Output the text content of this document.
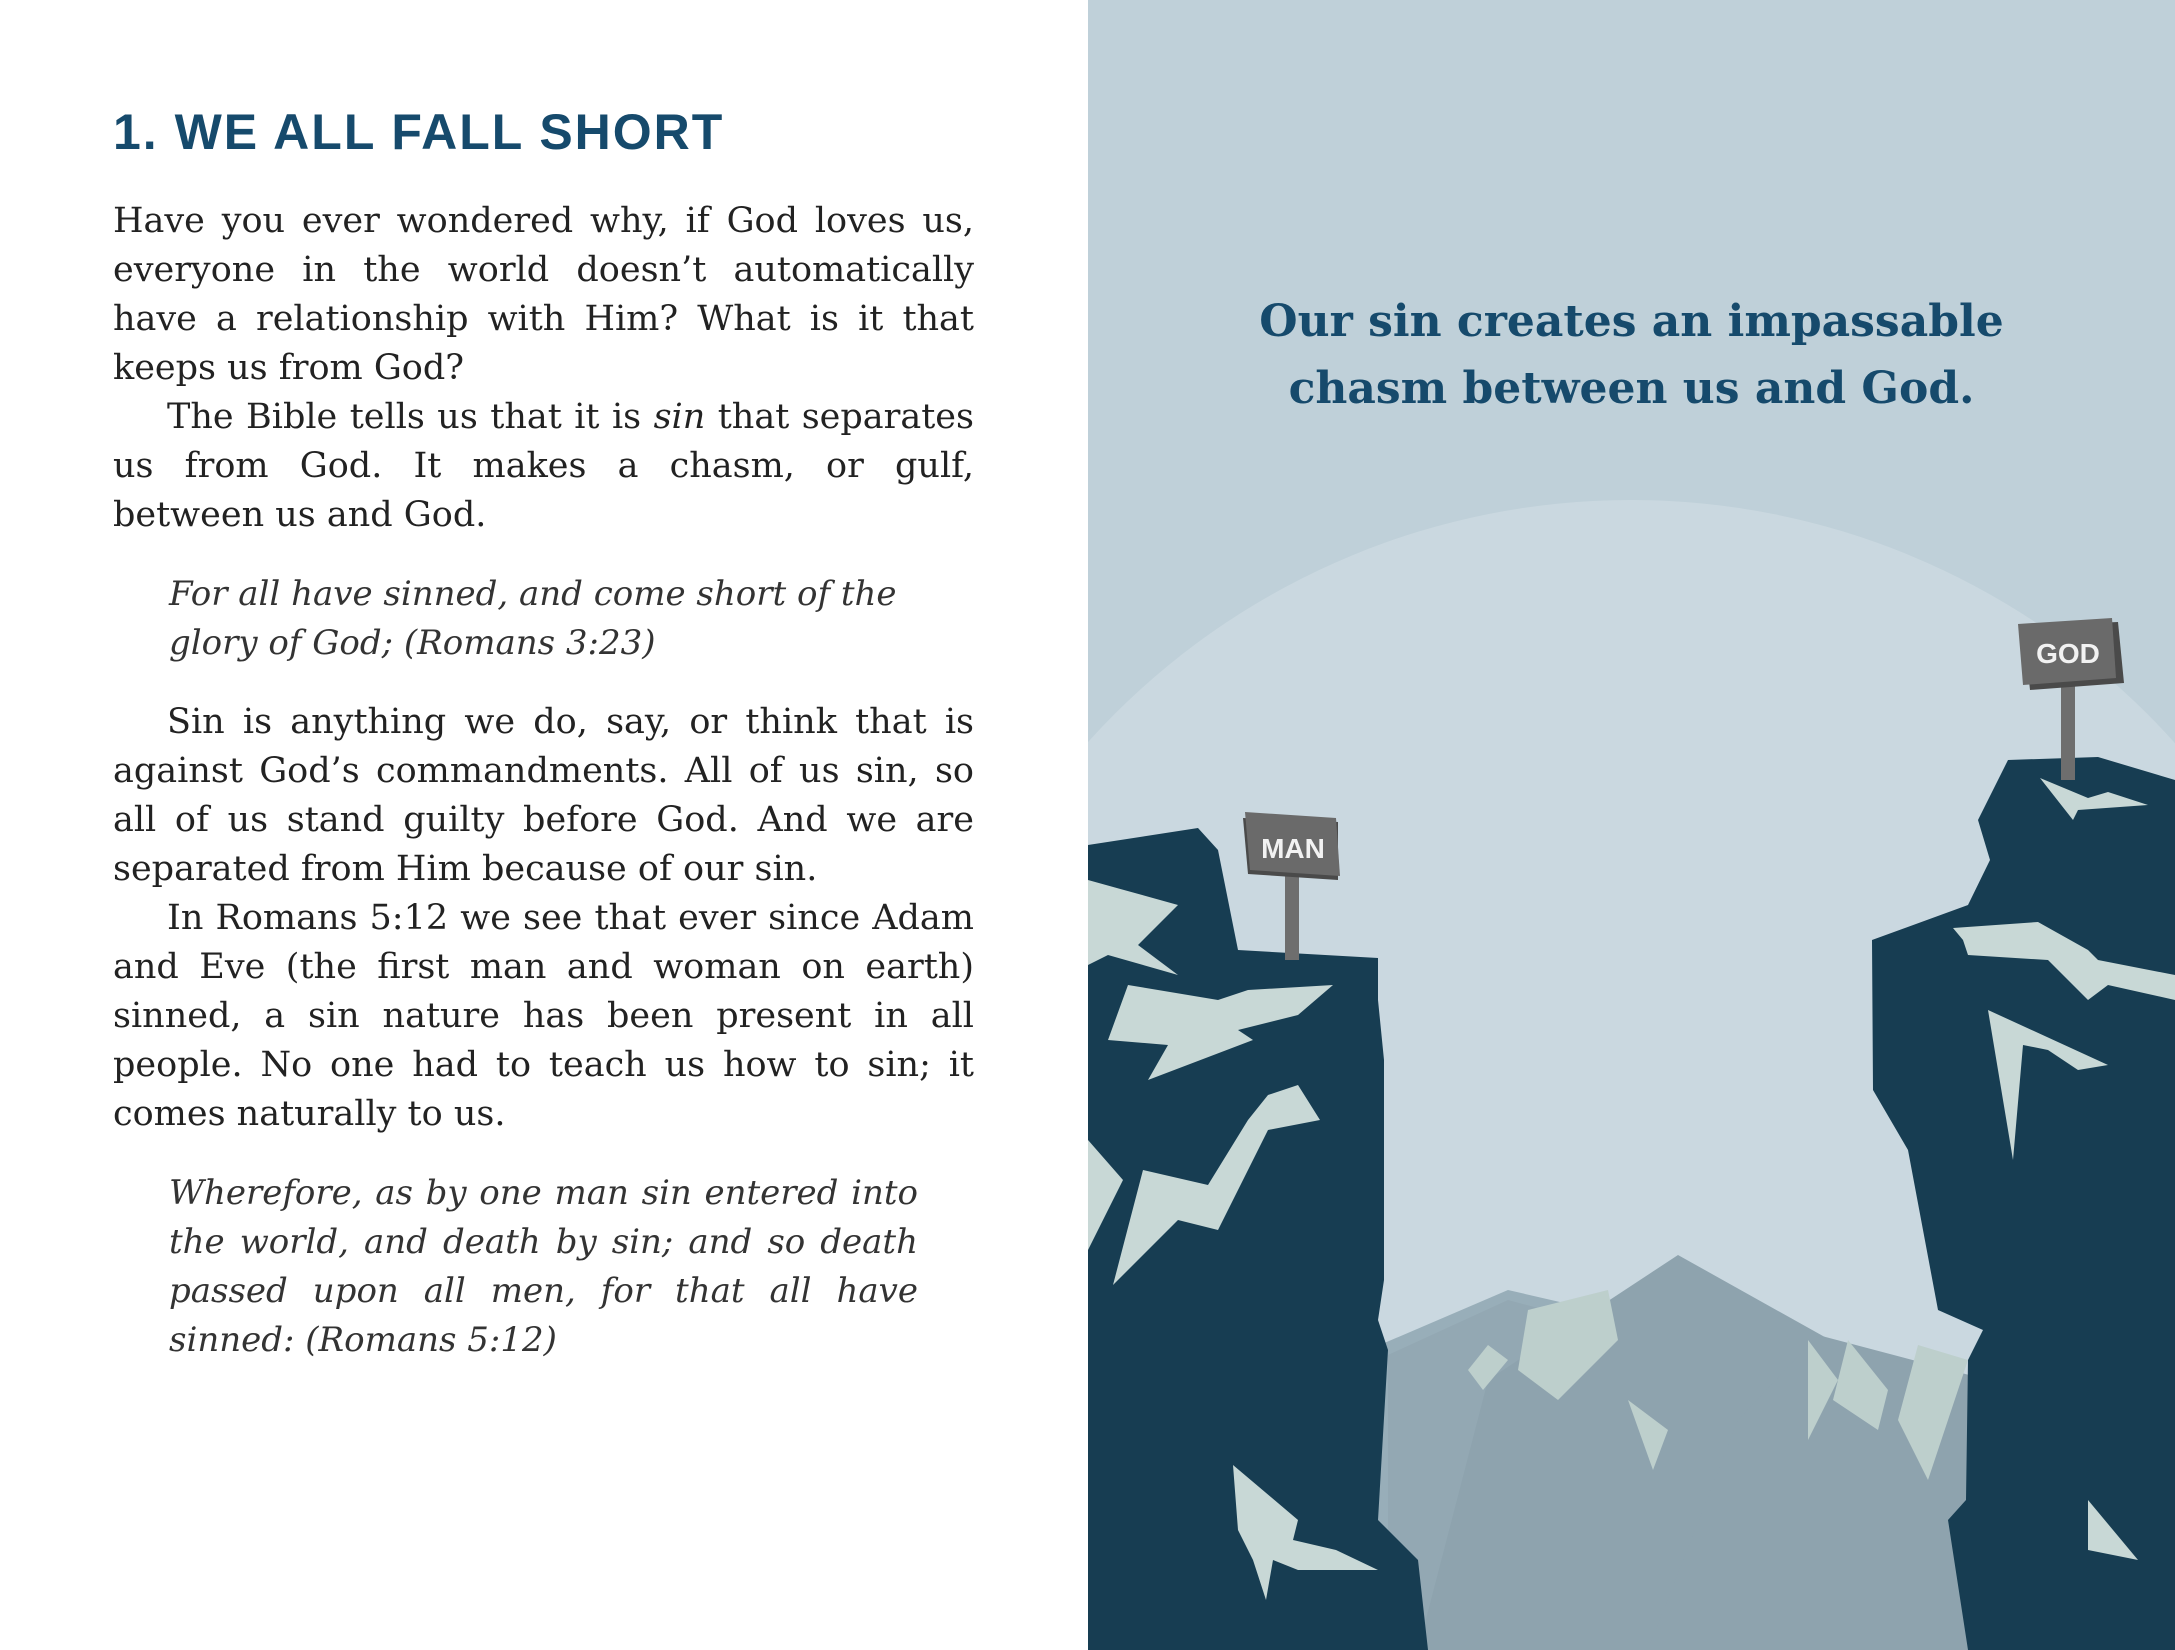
1. WE ALL FALL SHORT

Have you ever wondered why, if God loves us, everyone in the world doesn’t automatically have a relationship with Him? What is it that keeps us from God?

The Bible tells us that it is sin that separates us from God. It makes a chasm, or gulf, between us and God.

For all have sinned, and come short of the glory of God; (Romans 3:23)

Sin is anything we do, say, or think that is against God’s commandments. All of us sin, so all of us stand guilty before God. And we are separated from Him because of our sin.

In Romans 5:12 we see that ever since Adam and Eve (the first man and woman on earth) sinned, a sin nature has been present in all people. No one had to teach us how to sin; it comes naturally to us.

Wherefore, as by one man sin entered into the world, and death by sin; and so death passed upon all men, for that all have sinned: (Romans 5:12)

MAN
GOD

Our sin creates an impassable
chasm between us and God.
